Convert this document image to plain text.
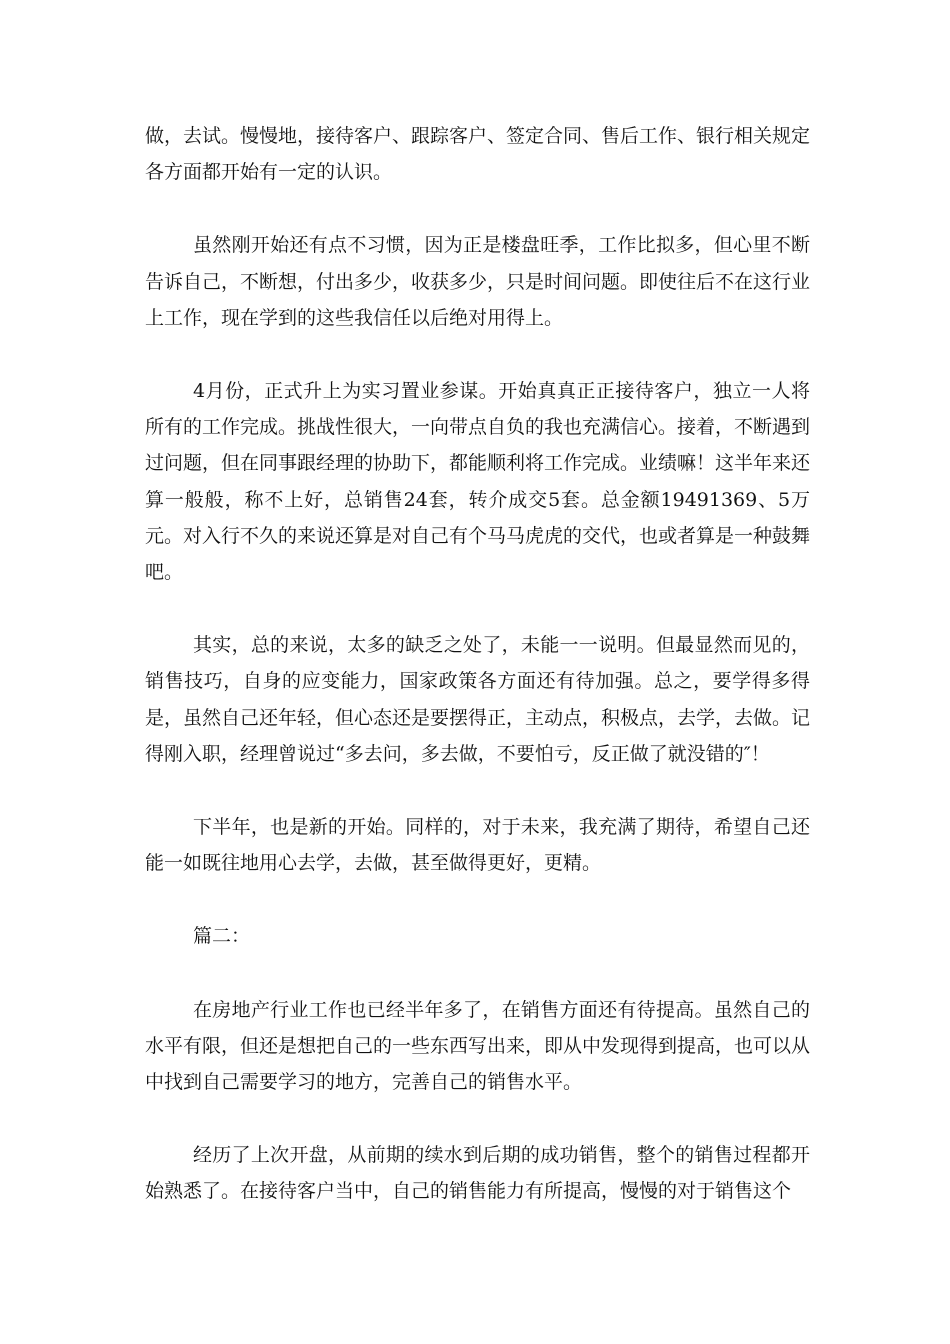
做，去试。慢慢地，接待客户、跟踪客户、签定合同、售后工作、银行相关规定各方面都开始有一定的认识。

虽然刚开始还有点不习惯，因为正是楼盘旺季，工作比拟多，但心里不断告诉自己，不断想，付出多少，收获多少，只是时间问题。即使往后不在这行业上工作，现在学到的这些我信任以后绝对用得上。

4月份，正式升上为实习置业参谋。开始真真正正接待客户，独立一人将所有的工作完成。挑战性很大，一向带点自负的我也充满信心。接着，不断遇到过问题，但在同事跟经理的协助下，都能顺利将工作完成。业绩嘛！这半年来还算一般般，称不上好，总销售24套，转介成交5套。总金额19491369、5万元。对入行不久的来说还算是对自己有个马马虎虎的交代，也或者算是一种鼓舞吧。

其实，总的来说，太多的缺乏之处了，未能一一说明。但最显然而见的，销售技巧，自身的应变能力，国家政策各方面还有待加强。总之，要学得多得是，虽然自己还年轻，但心态还是要摆得正，主动点，积极点，去学，去做。记得刚入职，经理曾说过“多去问，多去做，不要怕亏，反正做了就没错的″！

下半年，也是新的开始。同样的，对于未来，我充满了期待，希望自己还能一如既往地用心去学，去做，甚至做得更好，更精。

篇二：

在房地产行业工作也已经半年多了，在销售方面还有待提高。虽然自己的水平有限，但还是想把自己的一些东西写出来，即从中发现得到提高，也可以从中找到自己需要学习的地方，完善自己的销售水平。

经历了上次开盘，从前期的续水到后期的成功销售，整个的销售过程都开始熟悉了。在接待客户当中，自己的销售能力有所提高，慢慢的对于销售这个
